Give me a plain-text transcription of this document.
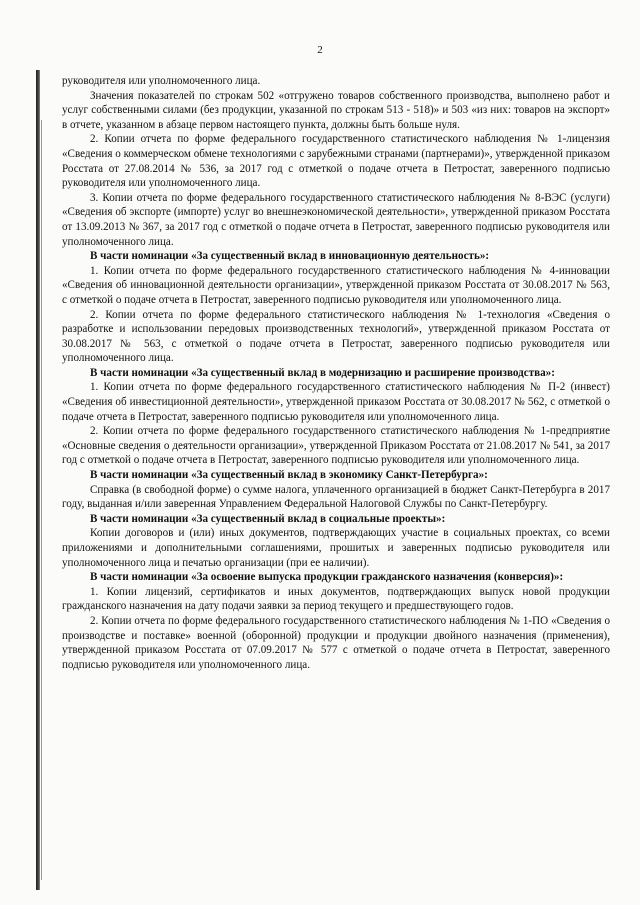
2

руководителя или уполномоченного лица.

Значения показателей по строкам 502 «отгружено товаров собственного производства, выполнено работ и услуг собственными силами (без продукции, указанной по строкам 513 - 518)» и 503 «из них: товаров на экспорт» в отчете, указанном в абзаце первом настоящего пункта, должны быть больше нуля.

2. Копии отчета по форме федерального государственного статистического наблюдения № 1-лицензия «Сведения о коммерческом обмене технологиями с зарубежными странами (партнерами)», утвержденной приказом Росстата от 27.08.2014 № 536, за 2017 год с отметкой о подаче отчета в Петростат, заверенного подписью руководителя или уполномоченного лица.

3. Копии отчета по форме федерального государственного статистического наблюдения № 8-ВЭС (услуги) «Сведения об экспорте (импорте) услуг во внешнеэкономической деятельности», утвержденной приказом Росстата от 13.09.2013 № 367, за 2017 год с отметкой о подаче отчета в Петростат, заверенного подписью руководителя или уполномоченного лица.

В части номинации «За существенный вклад в инновационную деятельность»:

1. Копии отчета по форме федерального государственного статистического наблюдения № 4-инновации «Сведения об инновационной деятельности организации», утвержденной приказом Росстата от 30.08.2017 № 563, с отметкой о подаче отчета в Петростат, заверенного подписью руководителя или уполномоченного лица.

2. Копии отчета по форме федерального статистического наблюдения № 1-технология «Сведения о разработке и использовании передовых производственных технологий», утвержденной приказом Росстата от 30.08.2017 № 563, с отметкой о подаче отчета в Петростат, заверенного подписью руководителя или уполномоченного лица.

В части номинации «За существенный вклад в модернизацию и расширение производства»:

1. Копии отчета по форме федерального государственного статистического наблюдения № П-2 (инвест) «Сведения об инвестиционной деятельности», утвержденной приказом Росстата от 30.08.2017 № 562, с отметкой о подаче отчета в Петростат, заверенного подписью руководителя или уполномоченного лица.

2. Копии отчета по форме федерального государственного статистического наблюдения № 1-предприятие «Основные сведения о деятельности организации», утвержденной Приказом Росстата от 21.08.2017 № 541, за 2017 год с отметкой о подаче отчета в Петростат, заверенного подписью руководителя или уполномоченного лица.

В части номинации «За существенный вклад в экономику Санкт-Петербурга»:

Справка (в свободной форме) о сумме налога, уплаченного организацией в бюджет Санкт-Петербурга в 2017 году, выданная и/или заверенная Управлением Федеральной Налоговой Службы по Санкт-Петербургу.

В части номинации «За существенный вклад в социальные проекты»:

Копии договоров и (или) иных документов, подтверждающих участие в социальных проектах, со всеми приложениями и дополнительными соглашениями, прошитых и заверенных подписью руководителя или уполномоченного лица и печатью организации (при ее наличии).

В части номинации «За освоение выпуска продукции гражданского назначения (конверсия)»:

1. Копии лицензий, сертификатов и иных документов, подтверждающих выпуск новой продукции гражданского назначения на дату подачи заявки за период текущего и предшествующего годов.

2. Копии отчета по форме федерального государственного статистического наблюдения № 1-ПО «Сведения о производстве и поставке» военной (оборонной) продукции и продукции двойного назначения (применения), утвержденной приказом Росстата от 07.09.2017 № 577 с отметкой о подаче отчета в Петростат, заверенного подписью руководителя или уполномоченного лица.
